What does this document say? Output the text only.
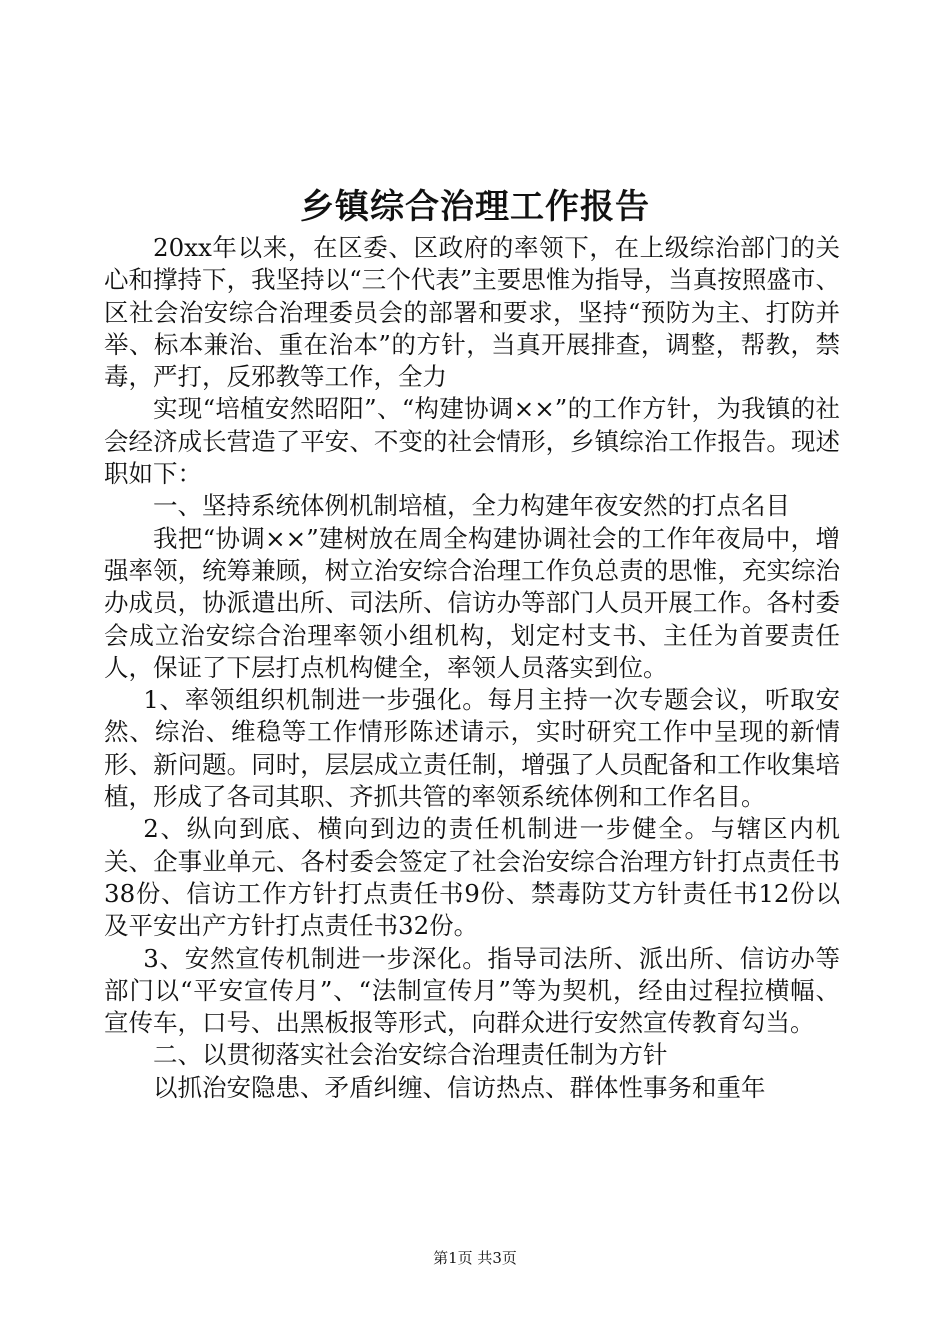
乡镇综合治理工作报告

20xx年以来，在区委、区政府的率领下，在上级综治部门的关心和撑持下，我坚持以“三个代表”主要思惟为指导，当真按照盛市、区社会治安综合治理委员会的部署和要求，坚持“预防为主、打防并举、标本兼治、重在治本”的方针，当真开展排查，调整，帮教，禁毒，严打，反邪教等工作，全力

实现“培植安然昭阳”、“构建协调××”的工作方针，为我镇的社会经济成长营造了平安、不变的社会情形，乡镇综治工作报告。现述职如下：

一、坚持系统体例机制培植，全力构建年夜安然的打点名目

我把“协调××”建树放在周全构建协调社会的工作年夜局中，增强率领，统筹兼顾，树立治安综合治理工作负总责的思惟，充实综治办成员，协派遣出所、司法所、信访办等部门人员开展工作。各村委会成立治安综合治理率领小组机构，划定村支书、主任为首要责任人，保证了下层打点机构健全，率领人员落实到位。

1、率领组织机制进一步强化。每月主持一次专题会议，听取安然、综治、维稳等工作情形陈述请示，实时研究工作中呈现的新情形、新问题。同时，层层成立责任制，增强了人员配备和工作收集培植，形成了各司其职、齐抓共管的率领系统体例和工作名目。

2、纵向到底、横向到边的责任机制进一步健全。与辖区内机关、企事业单元、各村委会签定了社会治安综合治理方针打点责任书38份、信访工作方针打点责任书9份、禁毒防艾方针责任书12份以及平安出产方针打点责任书32份。

3、安然宣传机制进一步深化。指导司法所、派出所、信访办等部门以“平安宣传月”、“法制宣传月”等为契机，经由过程拉横幅、宣传车，口号、出黑板报等形式，向群众进行安然宣传教育勾当。

二、以贯彻落实社会治安综合治理责任制为方针

以抓治安隐患、矛盾纠缠、信访热点、群体性事务和重年

第1页 共3页
